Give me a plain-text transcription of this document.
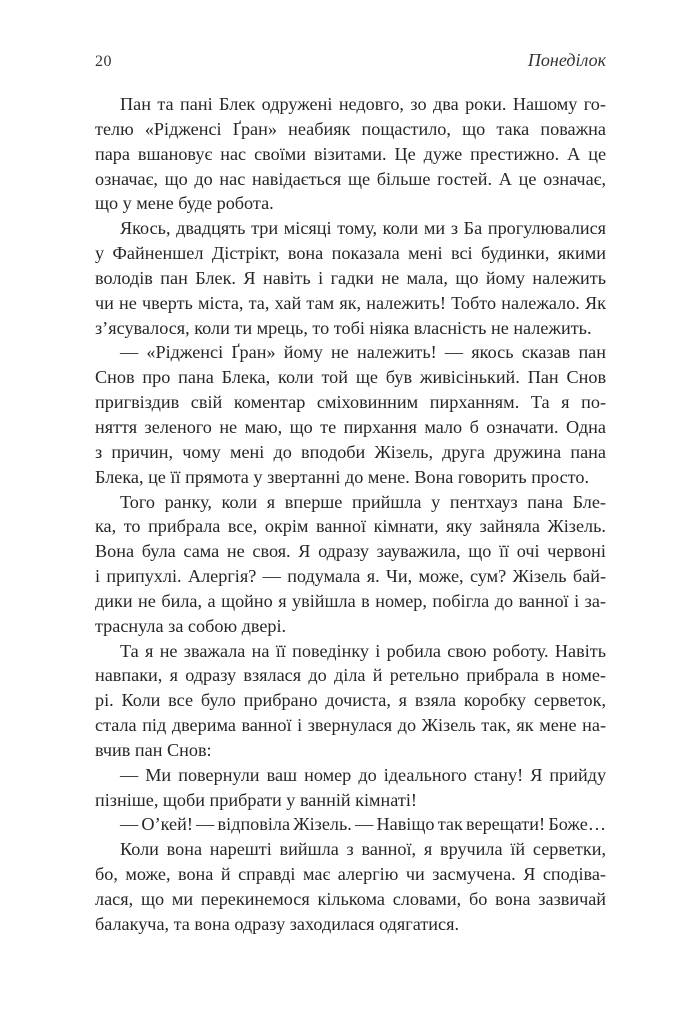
20	Понеділок
Пан та пані Блек одружені недовго, зо два роки. Нашому го-
телю «Рідженсі Ґран» неабияк пощастило, що така поважна
пара вшановує нас своїми візитами. Це дуже престижно. А це
означає, що до нас навідається ще більше гостей. А це означає,
що у мене буде робота.
Якось, двадцять три місяці тому, коли ми з Ба прогулювалися
у Файненшел Дістрікт, вона показала мені всі будинки, якими
володів пан Блек. Я навіть і гадки не мала, що йому належить
чи не чверть міста, та, хай там як, належить! Тобто належало. Як
з’ясувалося, коли ти мрець, то тобі ніяка власність не належить.
— «Рідженсі Ґран» йому не належить! — якось сказав пан
Снов про пана Блека, коли той ще був живісінький. Пан Снов
пригвіздив свій коментар сміховинним пирханням. Та я по-
няття зеленого не маю, що те пирхання мало б означати. Одна
з причин, чому мені до вподоби Жізель, друга дружина пана
Блека, це її прямота у звертанні до мене. Вона говорить просто.
Того ранку, коли я вперше прийшла у пентхауз пана Бле-
ка, то прибрала все, окрім ванної кімнати, яку зайняла Жізель.
Вона була сама не своя. Я одразу зауважила, що її очі червоні
і припухлі. Алергія? — подумала я. Чи, може, сум? Жізель бай-
дики не била, а щойно я увійшла в номер, побігла до ванної і за-
траснула за собою двері.
Та я не зважала на її поведінку і робила свою роботу. Навіть
навпаки, я одразу взялася до діла й ретельно прибрала в номе-
рі. Коли все було прибрано дочиста, я взяла коробку серветок,
стала під дверима ванної і звернулася до Жізель так, як мене на-
вчив пан Снов:
— Ми повернули ваш номер до ідеального стану! Я прийду
пізніше, щоби прибрати у ванній кімнаті!
— О’кей! — відповіла Жізель. — Навіщо так верещати! Боже…
Коли вона нарешті вийшла з ванної, я вручила їй серветки,
бо, може, вона й справді має алергію чи засмучена. Я сподіва-
лася, що ми перекинемося кількома словами, бо вона зазвичай
балакуча, та вона одразу заходилася одягатися.
